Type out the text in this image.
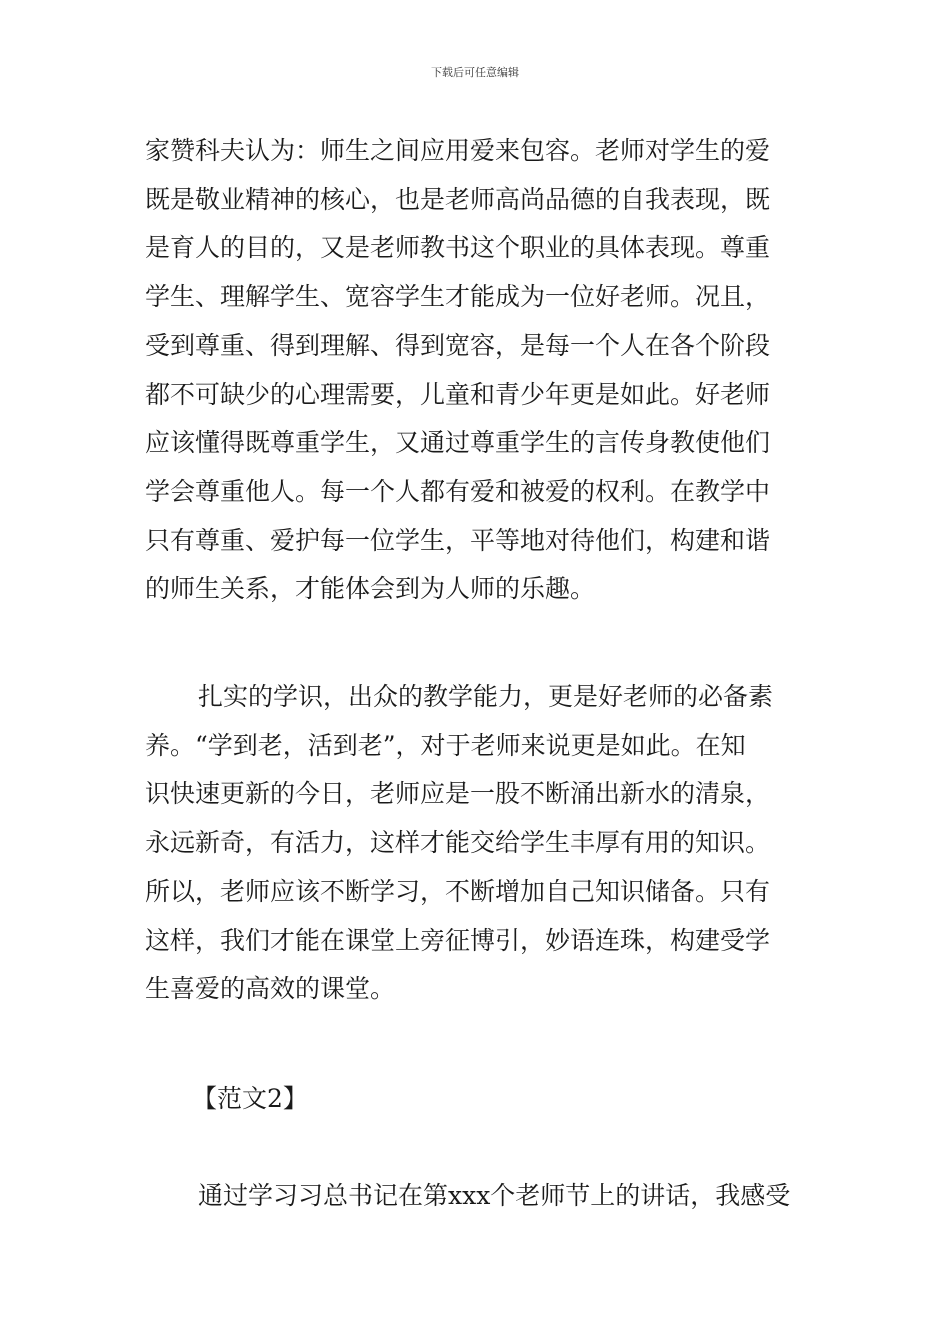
下载后可任意编辑
家赞科夫认为：师生之间应用爱来包容。老师对学生的爱
既是敬业精神的核心，也是老师高尚品德的自我表现，既
是育人的目的，又是老师教书这个职业的具体表现。尊重
学生、理解学生、宽容学生才能成为一位好老师。况且，
受到尊重、得到理解、得到宽容，是每一个人在各个阶段
都不可缺少的心理需要，儿童和青少年更是如此。好老师
应该懂得既尊重学生，又通过尊重学生的言传身教使他们
学会尊重他人。每一个人都有爱和被爱的权利。在教学中
只有尊重、爱护每一位学生，平等地对待他们，构建和谐
的师生关系，才能体会到为人师的乐趣。
扎实的学识，出众的教学能力，更是好老师的必备素
养。“学到老，活到老”，对于老师来说更是如此。在知
识快速更新的今日，老师应是一股不断涌出新水的清泉，
永远新奇，有活力，这样才能交给学生丰厚有用的知识。
所以，老师应该不断学习，不断增加自己知识储备。只有
这样，我们才能在课堂上旁征博引，妙语连珠，构建受学
生喜爱的高效的课堂。
【范文2】
通过学习习总书记在第xxx个老师节上的讲话，我感受
